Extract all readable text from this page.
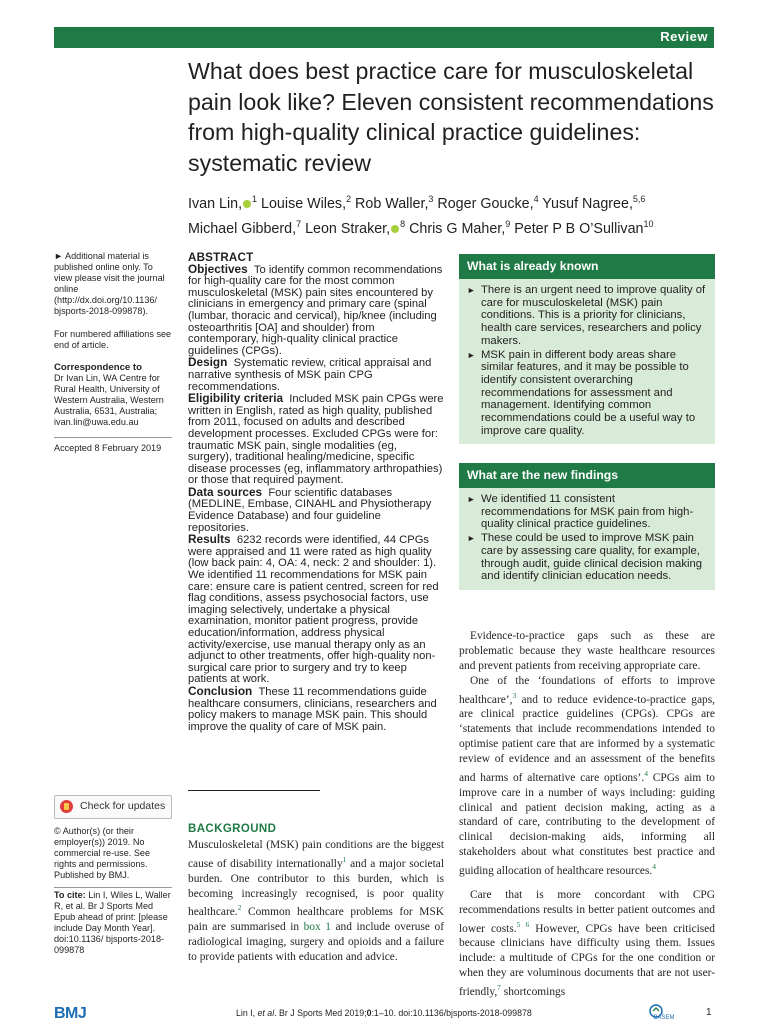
Review
What does best practice care for musculoskeletal pain look like? Eleven consistent recommendations from high-quality clinical practice guidelines: systematic review
Ivan Lin, $^1$ Louise Wiles,$^2$ Rob Waller,$^3$ Roger Goucke,$^4$ Yusuf Nagree,$^{5,6}$
Michael Gibberd,$^7$ Leon Straker, $^8$ Chris G Maher,$^9$ Peter P B O’Sullivan$^{10}$

► Additional material is published online only. To view please visit the journal online (http://dx.doi.org/10.1136/ bjsports-2018-099878).

For numbered affiliations see end of article.

Correspondence to

Dr Ivan Lin, WA Centre for Rural Health, University of Western Australia, Western Australia, 6531, Australia; ivan.lin@uwa.edu.au

Accepted 8 February 2019
Check for updates
© Author(s) (or their employer(s)) 2019. No commercial re-use. See rights and permissions. Published by BMJ.
To cite: Lin I, Wiles L, Waller R, et al. Br J Sports Med Epub ahead of print: [please include Day Month Year]. doi:10.1136/ bjsports-2018-099878
ABSTRACT

Objectives To identify common recommendations for high-quality care for the most common musculoskeletal (MSK) pain sites encountered by clinicians in emergency and primary care (spinal (lumbar, thoracic and cervical), hip/knee (including osteoarthritis [OA] and shoulder) from contemporary, high-quality clinical practice guidelines (CPGs).

Design Systematic review, critical appraisal and narrative synthesis of MSK pain CPG recommendations.

Eligibility criteria Included MSK pain CPGs were written in English, rated as high quality, published from 2011, focused on adults and described development processes. Excluded CPGs were for: traumatic MSK pain, single modalities (eg, surgery), traditional healing/medicine, specific disease processes (eg, inflammatory arthropathies) or those that required payment.

Data sources Four scientific databases (MEDLINE, Embase, CINAHL and Physiotherapy Evidence Database) and four guideline repositories.

Results 6232 records were identified, 44 CPGs were appraised and 11 were rated as high quality (low back pain: 4, OA: 4, neck: 2 and shoulder: 1). We identified 11 recommendations for MSK pain care: ensure care is patient centred, screen for red flag conditions, assess psychosocial factors, use imaging selectively, undertake a physical examination, monitor patient progress, provide education/information, address physical activity/exercise, use manual therapy only as an adjunct to other treatments, offer high-quality non-surgical care prior to surgery and try to keep patients at work.

Conclusion These 11 recommendations guide healthcare consumers, clinicians, researchers and policy makers to manage MSK pain. This should improve the quality of care of MSK pain.

What is already known
► There is an urgent need to improve quality of care for musculoskeletal (MSK) pain conditions. This is a priority for clinicians, health care services, researchers and policy makers.
► MSK pain in different body areas share similar features, and it may be possible to identify consistent overarching recommendations for assessment and management. Identifying common recommendations could be a useful way to improve care quality.
What are the new findings
► We identified 11 consistent recommendations for MSK pain from high-quality clinical practice guidelines.
► These could be used to improve MSK pain care by assessing care quality, for example, through audit, guide clinical decision making and identify clinician education needs.
BACKGROUND

Musculoskeletal (MSK) pain conditions are the biggest cause of disability internationally$^1$ and a major societal burden. One contributor to this burden, which is becoming increasingly recognised, is poor quality healthcare.$^2$ Common healthcare problems for MSK pain are summarised in box 1 and include overuse of radiological imaging, surgery and opioids and a failure to provide patients with education and advice.

Evidence-to-practice gaps such as these are problematic because they waste healthcare resources and prevent patients from receiving appropriate care.

One of the ‘foundations of efforts to improve healthcare’,$^3$ and to reduce evidence-to-practice gaps, are clinical practice guidelines (CPGs). CPGs are ‘statements that include recommendations intended to optimise patient care that are informed by a systematic review of evidence and an assessment of the benefits and harms of alternative care options’.$^4$ CPGs aim to improve care in a number of ways including: guiding clinical and patient decision making, acting as a standard of care, contributing to the development of clinical decision-making aids, informing all stakeholders about what constitutes best practice and guiding allocation of healthcare resources.$^4$

Care that is more concordant with CPG recommendations results in better patient outcomes and lower costs.$^{5 6}$ However, CPGs have been criticised because clinicians have difficulty using them. Issues include: a multitude of CPGs for the one condition or when they are voluminous documents that are not user-friendly,$^7$ shortcomings

BMJ	Lin I, et al. Br J Sports Med 2019;0:1–10. doi:10.1136/bjsports-2018-099878	BASEM	1
